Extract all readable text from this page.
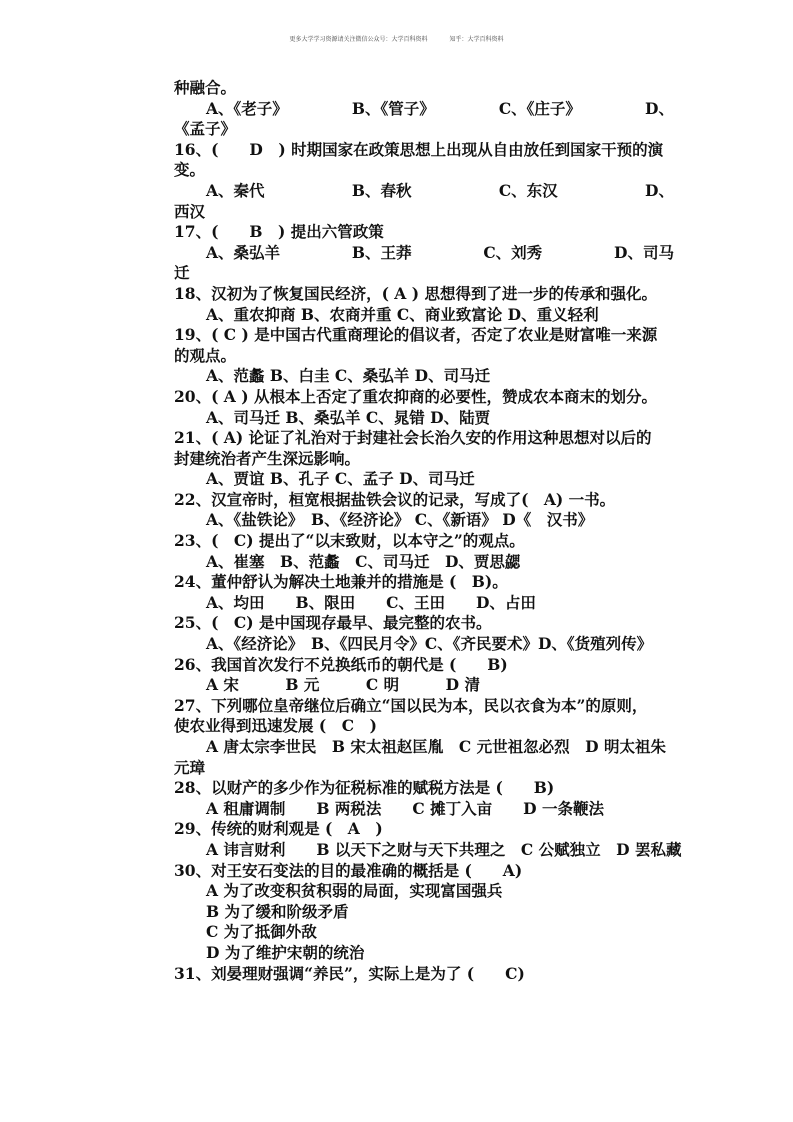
更多大学学习资源请关注微信公众号：大学百科资料	知乎：大学百科资料
种融合。
A、《老子》	B、《管子》	C、《庄子》	D、
《孟子》
16、(　　D　) 时期国家在政策思想上出现从自由放任到国家干预的演
变。
A、秦代	B、春秋	C、东汉	D、
西汉
17、(　　B　) 提出六管政策
A、桑弘羊	B、王莽	C、刘秀	D、司马
迁
18、汉初为了恢复国民经济，( A ) 思想得到了进一步的传承和强化。
A、重农抑商 B、农商并重 C、商业致富论 D、重义轻利
19、( C ) 是中国古代重商理论的倡议者，否定了农业是财富唯一来源
的观点。
A、范蠡 B、白圭 C、桑弘羊 D、司马迁
20、( A ) 从根本上否定了重农抑商的必要性，赞成农本商末的划分。
A、司马迁 B、桑弘羊 C、晁错 D、陆贾
21、( A) 论证了礼治对于封建社会长治久安的作用这种思想对以后的
封建统治者产生深远影响。
A、贾谊 B、孔子 C、孟子 D、司马迁
22、汉宣帝时，桓宽根据盐铁会议的记录，写成了(　A) 一书。
A、《盐铁论》　B、《经济论》 C、《新语》 D《　汉书》
23、(　C) 提出了“以末致财，以本守之”的观点。
A、崔塞　B、范蠡　C、司马迁　D、贾思勰
24、董仲舒认为解决土地兼并的措施是 (　B)。
A、均田　　B、限田　　C、王田　　D、占田
25、(　C) 是中国现存最早、最完整的农书。
A、《经济论》　B、《四民月令》C、《齐民要术》D、《货殖列传》
26、我国首次发行不兑换纸币的朝代是 (　　B)
A 宋　　　B 元　　　C 明　　　D 清
27、下列哪位皇帝继位后确立“国以民为本，民以衣食为本”的原则，
使农业得到迅速发展 (　C　)
A 唐太宗李世民　B 宋太祖赵匡胤　C 元世祖忽必烈　D 明太祖朱
元璋
28、以财产的多少作为征税标准的赋税方法是 (　　B)
A 租庸调制　　B 两税法　　C 摊丁入亩　　D 一条鞭法
29、传统的财利观是 (　A　)
A 讳言财利　　B 以天下之财与天下共理之　C 公赋独立　D 罢私藏
30、对王安石变法的目的最准确的概括是 (　　A)
A 为了改变积贫积弱的局面，实现富国强兵
B 为了缓和阶级矛盾
C 为了抵御外敌
D 为了维护宋朝的统治
31、刘晏理财强调“养民”，实际上是为了 (　　C)
